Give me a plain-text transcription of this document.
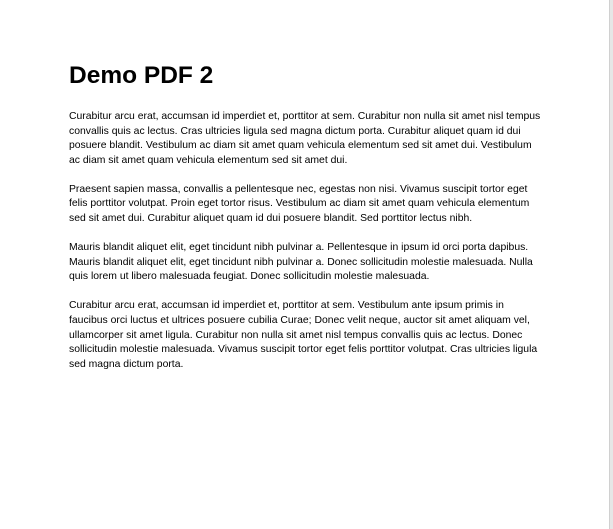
Demo PDF 2

Curabitur arcu erat, accumsan id imperdiet et, porttitor at sem. Curabitur non nulla sit amet nisl tempus convallis quis ac lectus. Cras ultricies ligula sed magna dictum porta. Curabitur aliquet quam id dui posuere blandit. Vestibulum ac diam sit amet quam vehicula elementum sed sit amet dui. Vestibulum ac diam sit amet quam vehicula elementum sed sit amet dui.

Praesent sapien massa, convallis a pellentesque nec, egestas non nisi. Vivamus suscipit tortor eget felis porttitor volutpat. Proin eget tortor risus. Vestibulum ac diam sit amet quam vehicula elementum sed sit amet dui. Curabitur aliquet quam id dui posuere blandit. Sed porttitor lectus nibh.

Mauris blandit aliquet elit, eget tincidunt nibh pulvinar a. Pellentesque in ipsum id orci porta dapibus. Mauris blandit aliquet elit, eget tincidunt nibh pulvinar a. Donec sollicitudin molestie malesuada. Nulla quis lorem ut libero malesuada feugiat. Donec sollicitudin molestie malesuada.

Curabitur arcu erat, accumsan id imperdiet et, porttitor at sem. Vestibulum ante ipsum primis in faucibus orci luctus et ultrices posuere cubilia Curae; Donec velit neque, auctor sit amet aliquam vel, ullamcorper sit amet ligula. Curabitur non nulla sit amet nisl tempus convallis quis ac lectus. Donec sollicitudin molestie malesuada. Vivamus suscipit tortor eget felis porttitor volutpat. Cras ultricies ligula sed magna dictum porta.
